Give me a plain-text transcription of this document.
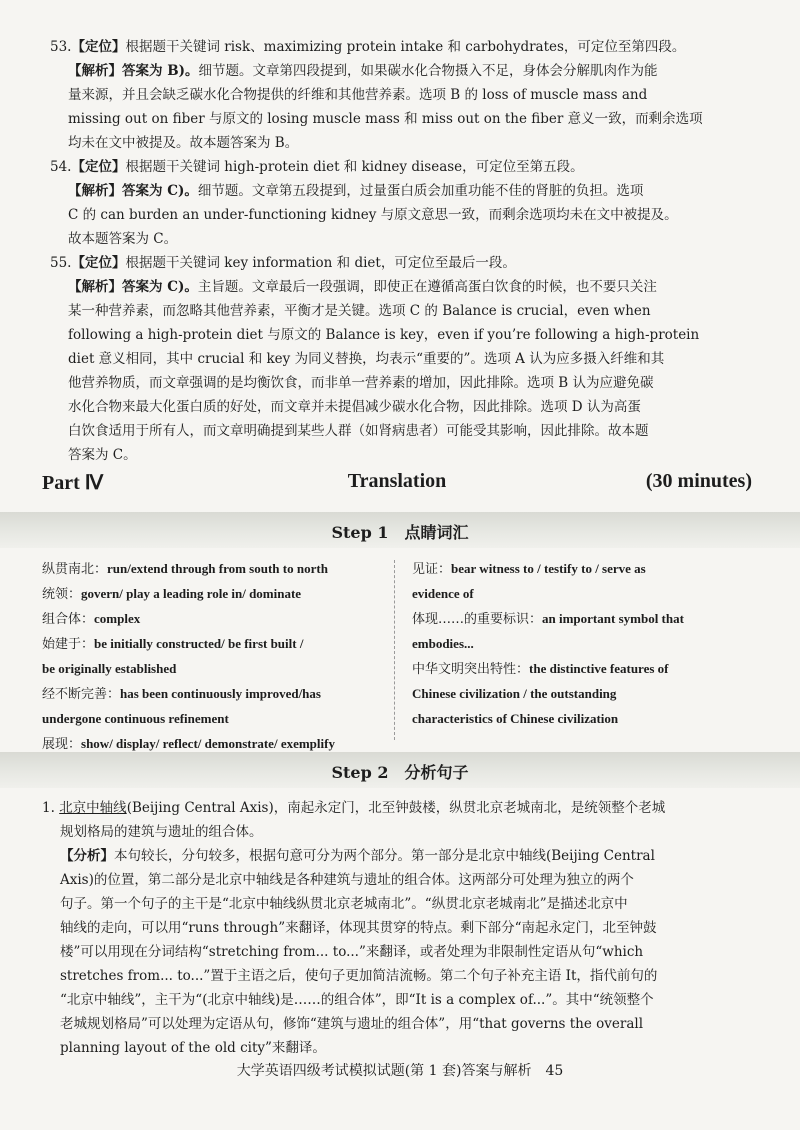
53.【定位】根据题干关键词 risk、maximizing protein intake 和 carbohydrates，可定位至第四段。
【解析】答案为 B)。细节题。文章第四段提到，如果碳水化合物摄入不足，身体会分解肌肉作为能
量来源，并且会缺乏碳水化合物提供的纤维和其他营养素。选项 B 的 loss of muscle mass and
missing out on fiber 与原文的 losing muscle mass 和 miss out on the fiber 意义一致，而剩余选项
均未在文中被提及。故本题答案为 B。
54.【定位】根据题干关键词 high-protein diet 和 kidney disease，可定位至第五段。
【解析】答案为 C)。细节题。文章第五段提到，过量蛋白质会加重功能不佳的肾脏的负担。选项
C 的 can burden an under-functioning kidney 与原文意思一致，而剩余选项均未在文中被提及。
故本题答案为 C。
55.【定位】根据题干关键词 key information 和 diet，可定位至最后一段。
【解析】答案为 C)。主旨题。文章最后一段强调，即使正在遵循高蛋白饮食的时候，也不要只关注
某一种营养素，而忽略其他营养素，平衡才是关键。选项 C 的 Balance is crucial，even when
following a high-protein diet 与原文的 Balance is key，even if you’re following a high-protein
diet 意义相同，其中 crucial 和 key 为同义替换，均表示“重要的”。选项 A 认为应多摄入纤维和其
他营养物质，而文章强调的是均衡饮食，而非单一营养素的增加，因此排除。选项 B 认为应避免碳
水化合物来最大化蛋白质的好处，而文章并未提倡减少碳水化合物，因此排除。选项 D 认为高蛋
白饮食适用于所有人，而文章明确提到某些人群（如肾病患者）可能受其影响，因此排除。故本题
答案为 C。
Part Ⅳ	Translation	(30 minutes)
Step 1　点睛词汇
纵贯南北：run/extend through from south to north
统领：govern/ play a leading role in/ dominate
组合体：complex
始建于：be initially constructed/ be first built /
be originally established
经不断完善：has been continuously improved/has
undergone continuous refinement
展现：show/ display/ reflect/ demonstrate/ exemplify
见证：bear witness to / testify to / serve as
evidence of
体现……的重要标识：an important symbol that
embodies...
中华文明突出特性：the distinctive features of
Chinese civilization / the outstanding
characteristics of Chinese civilization
Step 2　分析句子
1. 北京中轴线(Beijing Central Axis)，南起永定门，北至钟鼓楼，纵贯北京老城南北，是统领整个老城
规划格局的建筑与遗址的组合体。
【分析】本句较长，分句较多，根据句意可分为两个部分。第一部分是北京中轴线(Beijing Central
Axis)的位置，第二部分是北京中轴线是各种建筑与遗址的组合体。这两部分可处理为独立的两个
句子。第一个句子的主干是“北京中轴线纵贯北京老城南北”。“纵贯北京老城南北”是描述北京中
轴线的走向，可以用“runs through”来翻译，体现其贯穿的特点。剩下部分“南起永定门，北至钟鼓
楼”可以用现在分词结构“stretching from... to...”来翻译，或者处理为非限制性定语从句“which
stretches from... to...”置于主语之后，使句子更加简洁流畅。第二个句子补充主语 It，指代前句的
“北京中轴线”，主干为“(北京中轴线)是……的组合体”，即“It is a complex of...”。其中“统领整个
老城规划格局”可以处理为定语从句，修饰“建筑与遗址的组合体”，用“that governs the overall
planning layout of the old city”来翻译。
大学英语四级考试模拟试题(第 1 套)答案与解析　45
